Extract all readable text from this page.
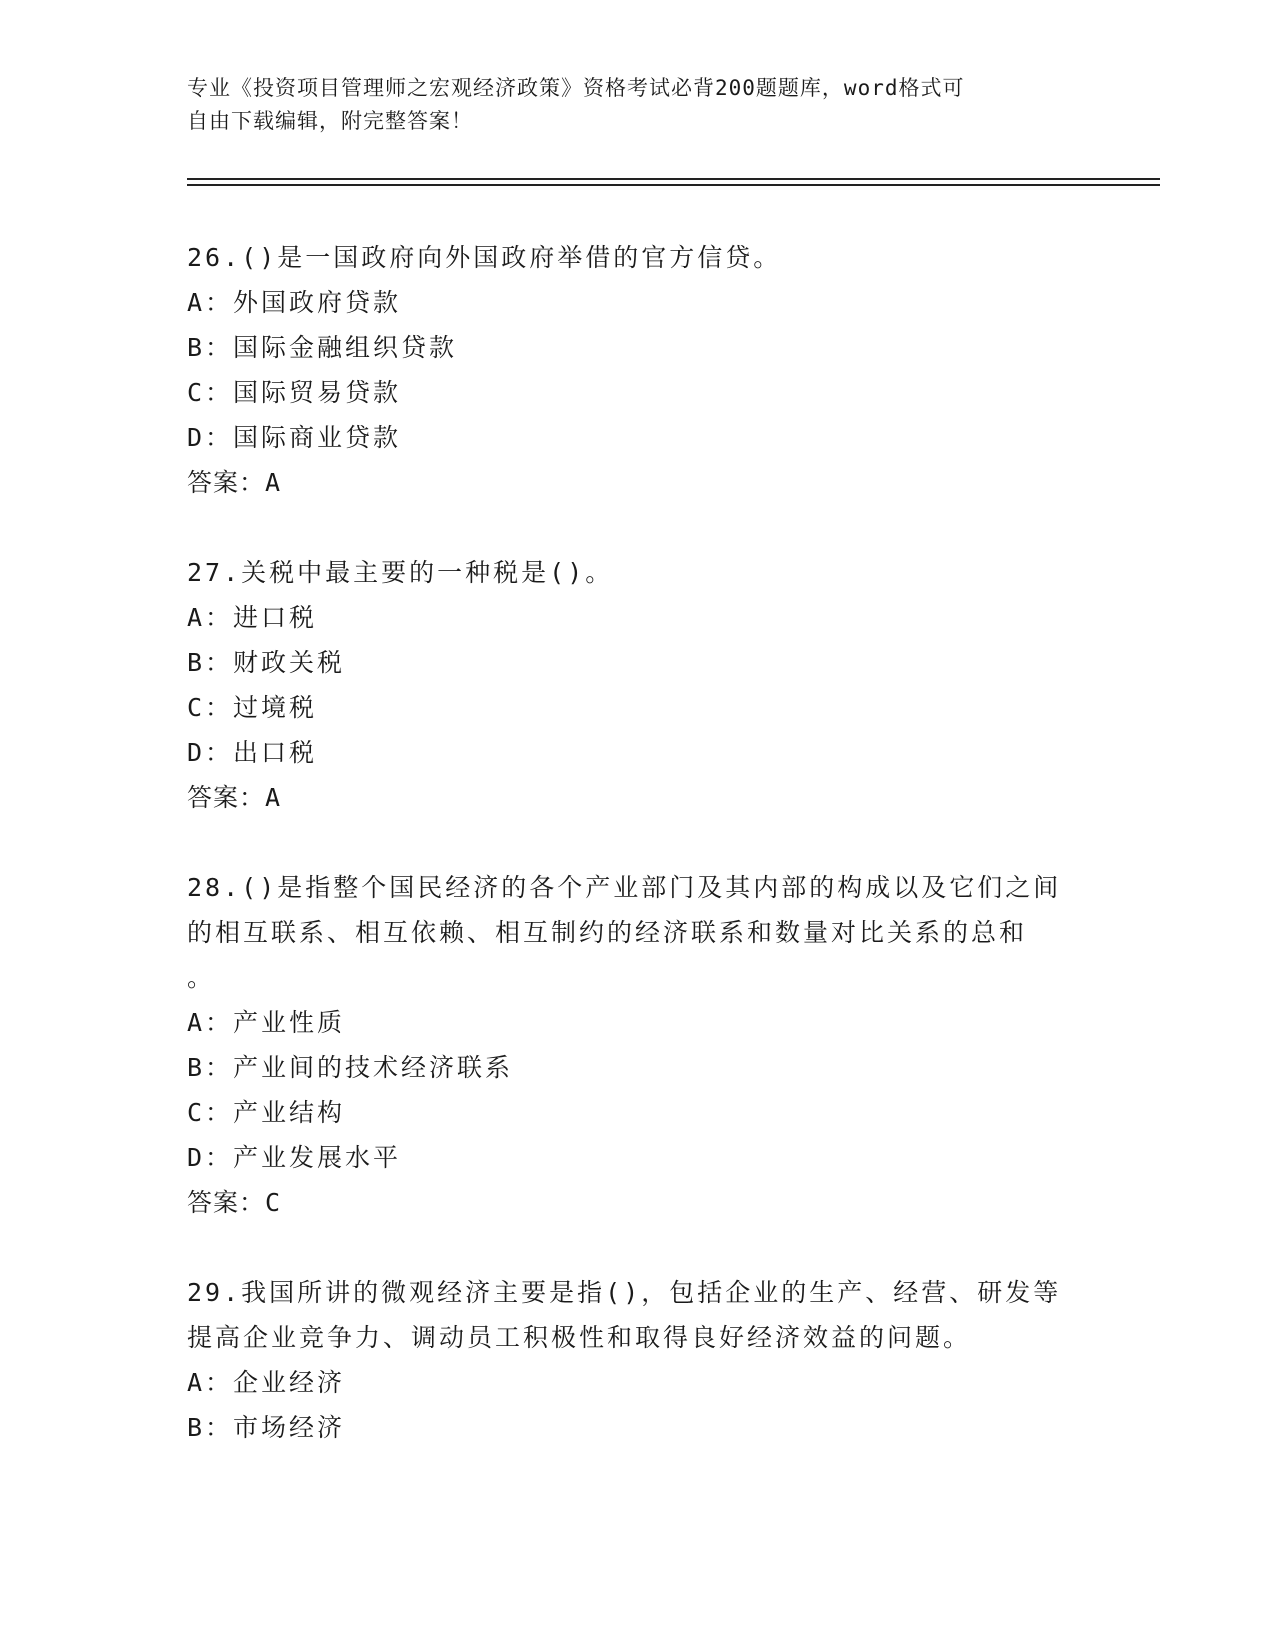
专业《投资项目管理师之宏观经济政策》资格考试必背200题题库，word格式可
自由下载编辑，附完整答案！
26.()是一国政府向外国政府举借的官方信贷。
A：外国政府贷款
B：国际金融组织贷款
C：国际贸易贷款
D：国际商业贷款
答案：A
27.关税中最主要的一种税是()。
A：进口税
B：财政关税
C：过境税
D：出口税
答案：A
28.()是指整个国民经济的各个产业部门及其内部的构成以及它们之间
的相互联系、相互依赖、相互制约的经济联系和数量对比关系的总和
。
A：产业性质
B：产业间的技术经济联系
C：产业结构
D：产业发展水平
答案：C
29.我国所讲的微观经济主要是指()，包括企业的生产、经营、研发等
提高企业竞争力、调动员工积极性和取得良好经济效益的问题。
A：企业经济
B：市场经济
